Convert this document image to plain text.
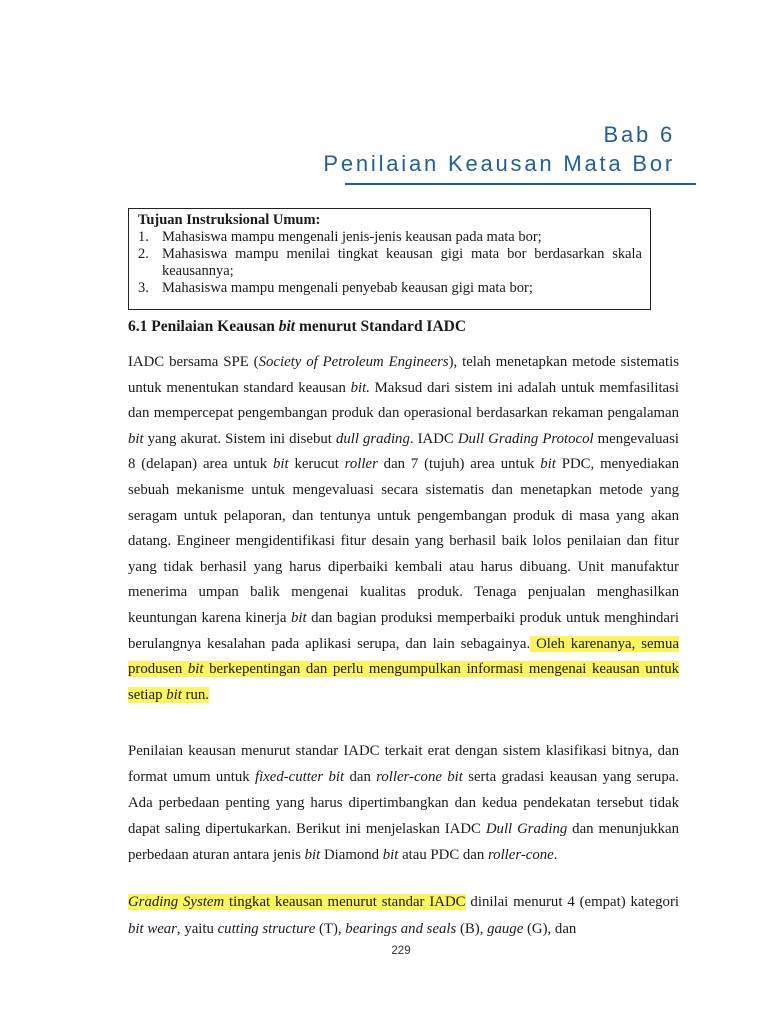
Bab 6
Penilaian Keausan Mata Bor
Tujuan Instruksional Umum:
1. Mahasiswa mampu mengenali jenis-jenis keausan pada mata bor;
2. Mahasiswa mampu menilai tingkat keausan gigi mata bor berdasarkan skala keausannya;
3. Mahasiswa mampu mengenali penyebab keausan gigi mata bor;
6.1 Penilaian Keausan bit menurut Standard IADC
IADC bersama SPE (Society of Petroleum Engineers), telah menetapkan metode sistematis untuk menentukan standard keausan bit. Maksud dari sistem ini adalah untuk memfasilitasi dan mempercepat pengembangan produk dan operasional berdasarkan rekaman pengalaman bit yang akurat. Sistem ini disebut dull grading. IADC Dull Grading Protocol mengevaluasi 8 (delapan) area untuk bit kerucut roller dan 7 (tujuh) area untuk bit PDC, menyediakan sebuah mekanisme untuk mengevaluasi secara sistematis dan menetapkan metode yang seragam untuk pelaporan, dan tentunya untuk pengembangan produk di masa yang akan datang. Engineer mengidentifikasi fitur desain yang berhasil baik lolos penilaian dan fitur yang tidak berhasil yang harus diperbaiki kembali atau harus dibuang. Unit manufaktur menerima umpan balik mengenai kualitas produk. Tenaga penjualan menghasilkan keuntungan karena kinerja bit dan bagian produksi memperbaiki produk untuk menghindari berulangnya kesalahan pada aplikasi serupa, dan lain sebagainya. Oleh karenanya, semua produsen bit berkepentingan dan perlu mengumpulkan informasi mengenai keausan untuk setiap bit run.
Penilaian keausan menurut standar IADC terkait erat dengan sistem klasifikasi bitnya, dan format umum untuk fixed-cutter bit dan roller-cone bit serta gradasi keausan yang serupa. Ada perbedaan penting yang harus dipertimbangkan dan kedua pendekatan tersebut tidak dapat saling dipertukarkan. Berikut ini menjelaskan IADC Dull Grading dan menunjukkan perbedaan aturan antara jenis bit Diamond bit atau PDC dan roller-cone.
Grading System tingkat keausan menurut standar IADC dinilai menurut 4 (empat) kategori bit wear, yaitu cutting structure (T), bearings and seals (B), gauge (G), dan
229
